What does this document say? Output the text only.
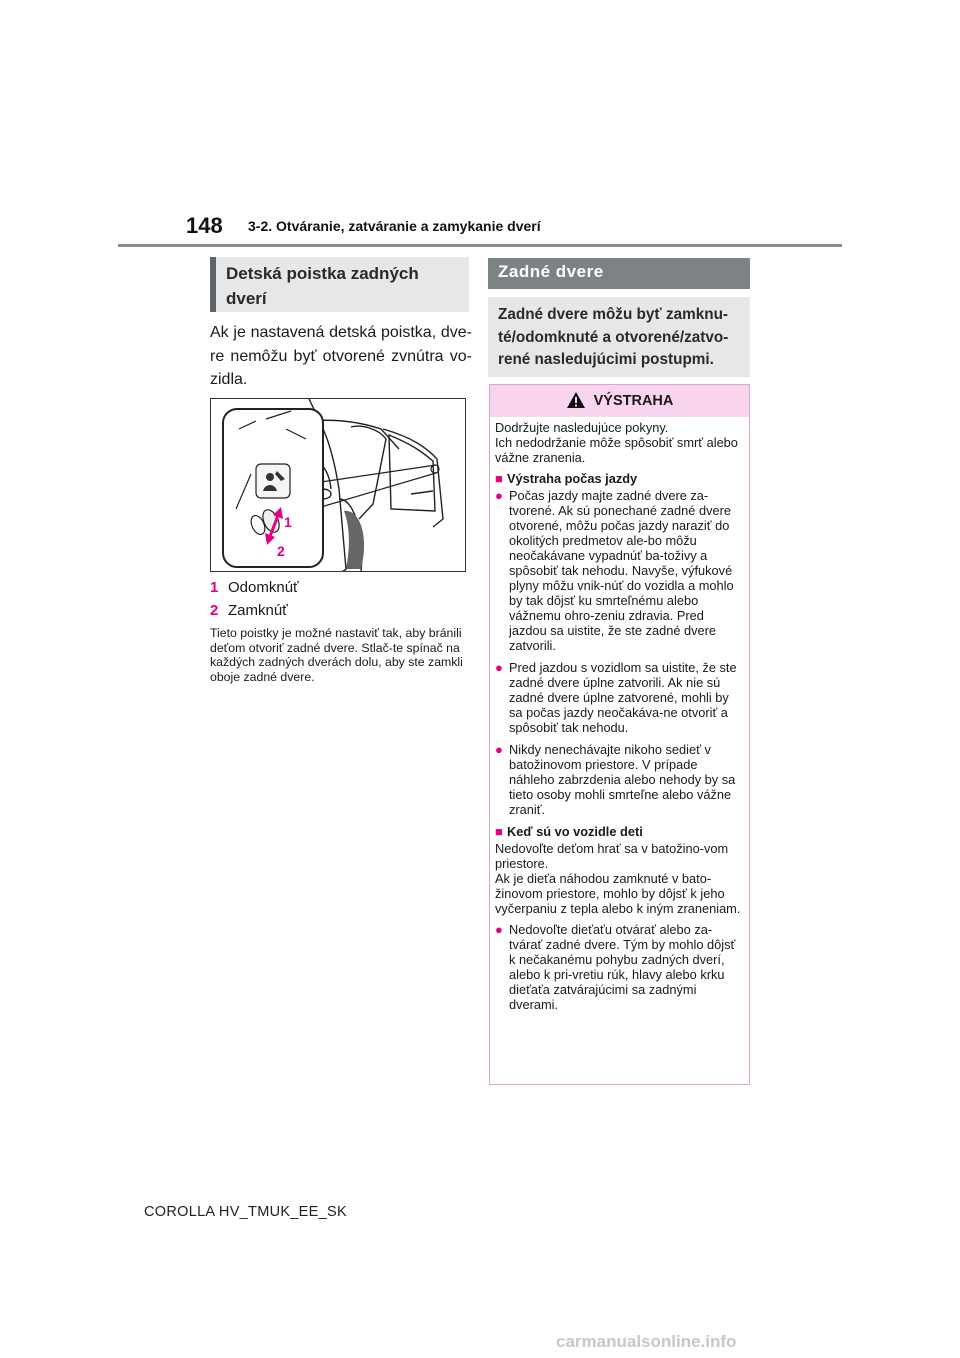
148 3-2. Otváranie, zatváranie a zamykanie dverí
Detská poistka zadných dverí
Ak je nastavená detská poistka, dve-re nemôžu byť otvorené zvnútra vo-zidla.
1
2
1 Odomknúť
2 Zamknúť
Tieto poistky je možné nastaviť tak, aby bránili deťom otvoriť zadné dvere. Stlač-te spínač na každých zadných dverách dolu, aby ste zamkli oboje zadné dvere.
Zadné dvere
Zadné dvere môžu byť zamknu-té/odomknuté a otvorené/zatvo-rené nasledujúcimi postupmi.
VÝSTRAHA
Dodržujte nasledujúce pokyny.
Ich nedodržanie môže spôsobiť smrť alebo vážne zranenia.
■ Výstraha počas jazdy
● Počas jazdy majte zadné dvere za-tvorené. Ak sú ponechané zadné dvere otvorené, môžu počas jazdy naraziť do okolitých predmetov ale-bo môžu neočakávane vypadnúť ba-toživy a spôsobiť tak nehodu. Navyše, výfukové plyny môžu vnik-núť do vozidla a mohlo by tak dôjsť ku smrteľnému alebo vážnemu ohro-zeniu zdravia. Pred jazdou sa uistite, že ste zadné dvere zatvorili.
● Pred jazdou s vozidlom sa uistite, že ste zadné dvere úplne zatvorili. Ak nie sú zadné dvere úplne zatvorené, mohli by sa počas jazdy neočakáva-ne otvoriť a spôsobiť tak nehodu.
● Nikdy nenechávajte nikoho sedieť v batožinovom priestore. V prípade náhleho zabrzdenia alebo nehody by sa tieto osoby mohli smrteľne alebo vážne zraniť.
■ Keď sú vo vozidle deti
Nedovoľte deťom hrať sa v batožino-vom priestore.
Ak je dieťa náhodou zamknuté v bato-žinovom priestore, mohlo by dôjsť k jeho vyčerpaniu z tepla alebo k iným zraneniam.
● Nedovoľte dieťaťu otvárať alebo za-tvárať zadné dvere. Tým by mohlo dôjsť k nečakanému pohybu zadných dverí, alebo k pri-vretiu rúk, hlavy alebo krku dieťaťa zatvárajúcimi sa zadnými dverami.
COROLLA HV_TMUK_EE_SK
carmanualsonline.info
